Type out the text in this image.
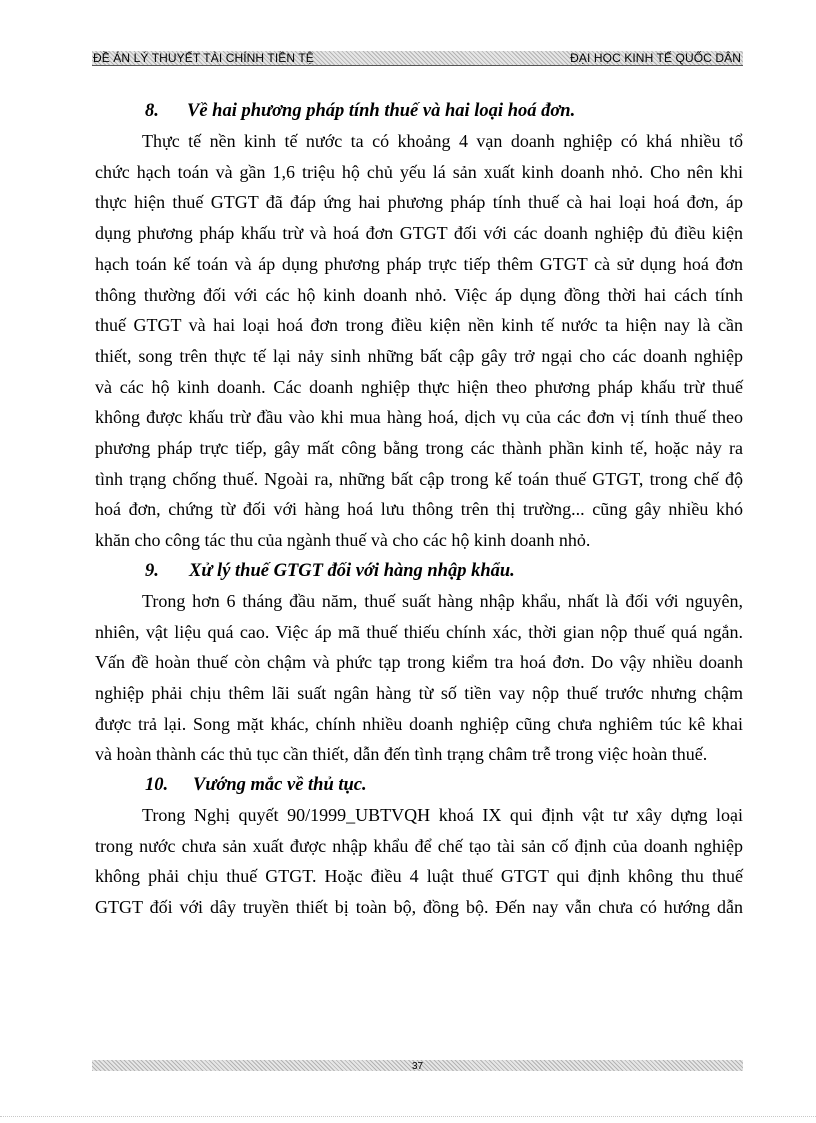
ĐỀ ÁN LÝ THUYẾT TÀI CHÍNH TIỀN TỆ	ĐẠI HỌC KINH TẾ QUỐC DÂN
8. Về hai phương pháp tính thuế và hai loại hoá đơn.

Thực tế nền kinh tế nước ta có khoảng 4 vạn doanh nghiệp có khá nhiều tổ
chức hạch toán và gần 1,6 triệu hộ chủ yếu lá sản xuất kinh doanh nhỏ. Cho nên khi
thực hiện thuế GTGT đã đáp ứng hai phương pháp tính thuế cà hai loại hoá đơn, áp
dụng phương pháp khấu trừ và hoá đơn GTGT đối với các doanh nghiệp đủ điều kiện
hạch toán kế toán và áp dụng phương pháp trực tiếp thêm GTGT cà sử dụng hoá đơn
thông thường đối với các hộ kinh doanh nhỏ. Việc áp dụng đồng thời hai cách tính
thuế GTGT và hai loại hoá đơn trong điều kiện nền kinh tế nước ta hiện nay là cần
thiết, song trên thực tế lại nảy sinh những bất cập gây trở ngại cho các doanh nghiệp
và các hộ kinh doanh. Các doanh nghiệp thực hiện theo phương pháp khấu trừ thuế
không được khấu trừ đầu vào khi mua hàng hoá, dịch vụ của các đơn vị tính thuế theo
phương pháp trực tiếp, gây mất công bằng trong các thành phần kinh tế, hoặc nảy ra
tình trạng chống thuế. Ngoài ra, những bất cập trong kế toán thuế GTGT, trong chế độ
hoá đơn, chứng từ đối với hàng hoá lưu thông trên thị trường... cũng gây nhiều khó
khăn cho công tác thu của ngành thuế và cho các hộ kinh doanh nhỏ.

9. Xử lý thuế GTGT đối với hàng nhập khẩu.

Trong hơn 6 tháng đầu năm, thuế suất hàng nhập khẩu, nhất là đối với nguyên,
nhiên, vật liệu quá cao. Việc áp mã thuế thiếu chính xác, thời gian nộp thuế quá ngắn.
Vấn đề hoàn thuế còn chậm và phức tạp trong kiểm tra hoá đơn. Do vậy nhiều doanh
nghiệp phải chịu thêm lãi suất ngân hàng từ số tiền vay nộp thuế trước nhưng chậm
được trả lại. Song mặt khác, chính nhiều doanh nghiệp cũng chưa nghiêm túc kê khai
và hoàn thành các thủ tục cần thiết, dẫn đến tình trạng châm trễ trong việc hoàn thuế.

10. Vướng mắc về thủ tục.

Trong Nghị quyết 90/1999_UBTVQH khoá IX qui định vật tư xây dựng loại
trong nước chưa sản xuất được nhập khẩu để chế tạo tài sản cố định của doanh nghiệp
không phải chịu thuế GTGT. Hoặc điều 4 luật thuế GTGT qui định không thu thuế
GTGT đối với dây truyền thiết bị toàn bộ, đồng bộ. Đến nay vẫn chưa có hướng dẫn

37
